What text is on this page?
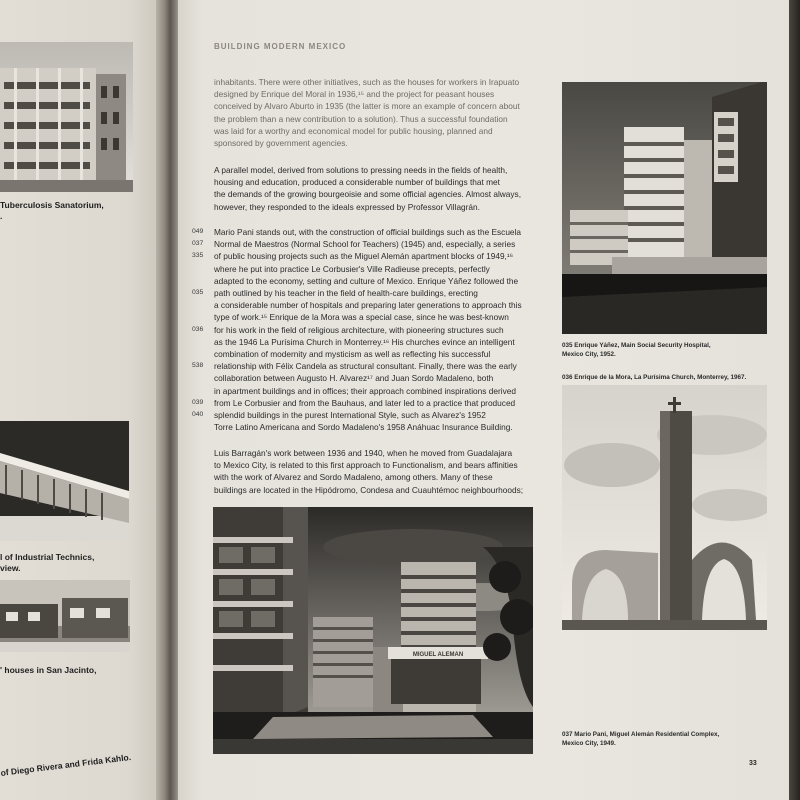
Tuberculosis Sanatorium,
.
l of Industrial Technics,
view.
' houses in San Jacinto,
of Diego Rivera and Frida Kahlo.
BUILDING MODERN MEXICO
inhabitants. There were other initiatives, such as the houses for workers in Irapuato
designed by Enrique del Moral in 1936,¹⁵ and the project for peasant houses
conceived by Alvaro Aburto in 1935 (the latter is more an example of concern about
the problem than a new contribution to a solution). Thus a successful foundation
was laid for a worthy and economical model for public housing, planned and
sponsored by government agencies.
A parallel model, derived from solutions to pressing needs in the fields of health,
housing and education, produced a considerable number of buildings that met
the demands of the growing bourgeoisie and some official agencies. Almost always,
however, they responded to the ideals expressed by Professor Villagrán.
Mario Pani stands out, with the construction of official buildings such as the Escuela
Normal de Maestros (Normal School for Teachers) (1945) and, especially, a series
of public housing projects such as the Miguel Alemán apartment blocks of 1949,¹⁶
where he put into practice Le Corbusier's Ville Radieuse precepts, perfectly
adapted to the economy, setting and culture of Mexico. Enrique Yáñez followed the
path outlined by his teacher in the field of health-care buildings, erecting
a considerable number of hospitals and preparing later generations to approach this
type of work.¹⁵ Enrique de la Mora was a special case, since he was best-known
for his work in the field of religious architecture, with pioneering structures such
as the 1946 La Purísima Church in Monterrey.¹⁶ His churches evince an intelligent
combination of modernity and mysticism as well as reflecting his successful
relationship with Félix Candela as structural consultant. Finally, there was the early
collaboration between Augusto H. Alvarez¹⁷ and Juan Sordo Madaleno, both
in apartment buildings and in offices; their approach combined inspirations derived
from Le Corbusier and from the Bauhaus, and later led to a practice that produced
splendid buildings in the purest International Style, such as Alvarez's 1952
Torre Latino Americana and Sordo Madaleno's 1958 Anáhuac Insurance Building.
049
037
335
035
036
538
039
040
Luis Barragán's work between 1936 and 1940, when he moved from Guadalajara
to Mexico City, is related to this first approach to Functionalism, and bears affinities
with the work of Alvarez and Sordo Madaleno, among others. Many of these
buildings are located in the Hipódromo, Condesa and Cuauhtémoc neighbourhoods;
035 Enrique Yáñez, Main Social Security Hospital,
Mexico City, 1952.
036 Enrique de la Mora, La Purísima Church, Monterrey, 1967.
MIGUEL ALEMAN
037 Mario Pani, Miguel Alemán Residential Complex,
Mexico City, 1949.
33
